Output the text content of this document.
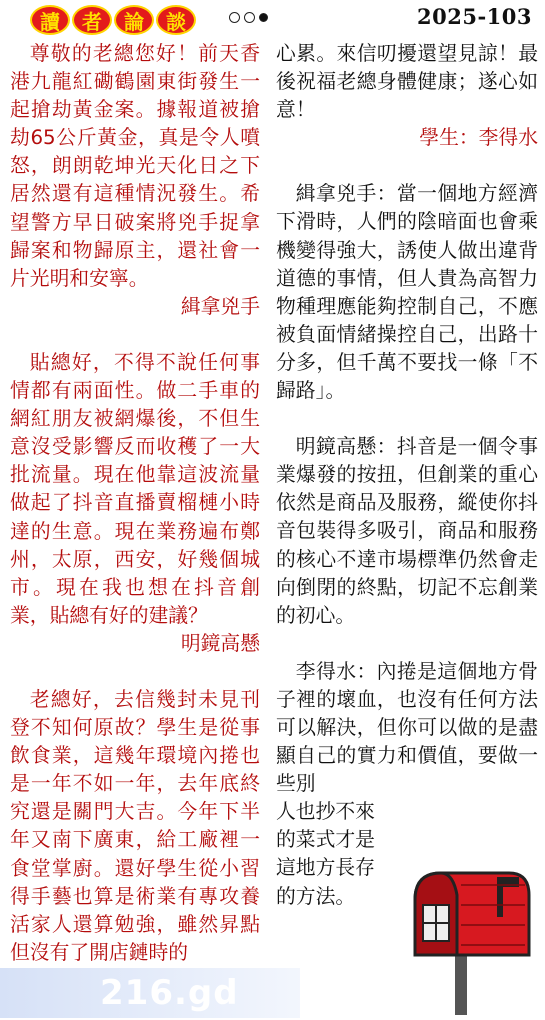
讀	者	論	談	2025-103

尊敬的老總您好！前天香港九龍紅磡鶴園東街發生一起搶劫黃金案。據報道被搶劫65公斤黃金，真是令人噴怒，朗朗乾坤光天化日之下居然還有這種情況發生。希望警方早日破案將兇手捉拿歸案和物歸原主，還社會一片光明和安寧。

緝拿兇手

貼總好，不得不說任何事情都有兩面性。做二手車的網紅朋友被網爆後，不但生意沒受影響反而收穫了一大批流量。現在他靠這波流量做起了抖音直播賣榴槤小時達的生意。現在業務遍布鄭州，太原，西安，好幾個城市。現在我也想在抖音創業，貼總有好的建議？

明鏡高懸

老總好，去信幾封未見刊登不知何原故？學生是從事飲食業，這幾年環境內捲也是一年不如一年，去年底終究還是關門大吉。今年下半年又南下廣東，給工廠裡一食堂掌廚。還好學生從小習得手藝也算是術業有專攻養活家人還算勉強，雖然昇點但沒有了開店鏈時的

心累。來信叨擾還望見諒！最後祝福老總身體健康；遂心如意！

學生：李得水

緝拿兇手：當一個地方經濟下滑時，人們的陰暗面也會乘機變得強大，誘使人做出違背道德的事情，但人貴為高智力物種理應能夠控制自己，不應被負面情緒操控自己，出路十分多，但千萬不要找一條「不歸路」。

明鏡高懸：抖音是一個令事業爆發的按扭，但創業的重心依然是商品及服務，縱使你抖音包裝得多吸引，商品和服務的核心不達市場標準仍然會走向倒閉的終點，切記不忘創業的初心。

李得水：內捲是這個地方骨子裡的壞血，也沒有任何方法可以解決，但你可以做的是盡顯自己的實力和價值，要做一些別

人也抄不來

的菜式才是

這地方長存

的方法。

216.gd
